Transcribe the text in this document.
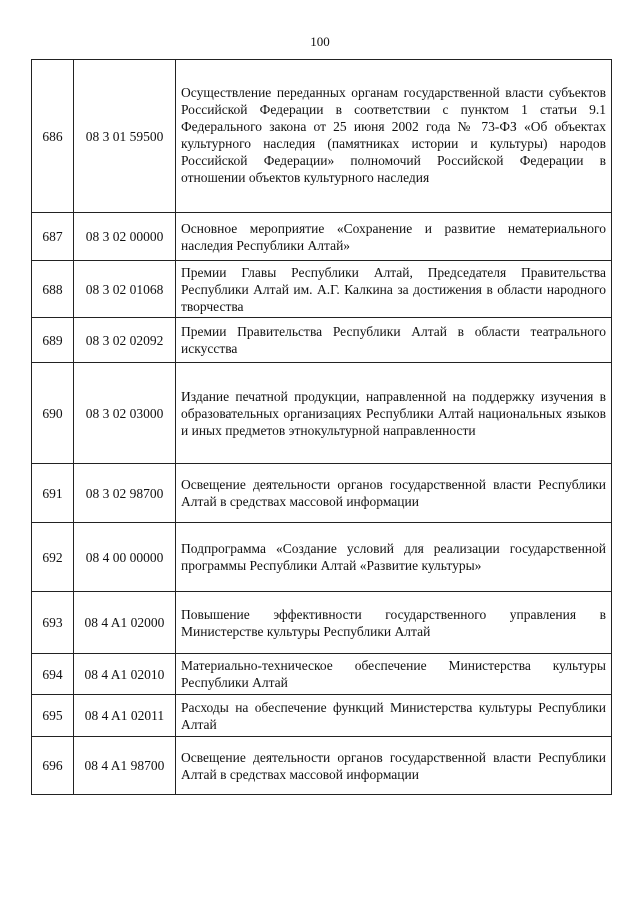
100
686	08 3 01 59500	Осуществление переданных органам государственной власти субъектов Российской Федерации в соответствии с пунктом 1 статьи 9.1 Федерального закона от 25 июня 2002 года № 73-ФЗ «Об объектах культурного наследия (памятниках истории и культуры) народов Российской Федерации» полномочий Российской Федерации в отношении объектов культурного наследия

687	08 3 02 00000	Основное мероприятие «Сохранение и развитие нематериального наследия Республики Алтай»

688	08 3 02 01068	Премии Главы Республики Алтай, Председателя Правительства Республики Алтай им. А.Г. Калкина за достижения в области народного творчества

689	08 3 02 02092	Премии Правительства Республики Алтай в области театрального искусства

690	08 3 02 03000	Издание печатной продукции, направленной на поддержку изучения в образовательных организациях Республики Алтай национальных языков и иных предметов этнокультурной направленности

691	08 3 02 98700	Освещение деятельности органов государственной власти Республики Алтай в средствах массовой информации

692	08 4 00 00000	Подпрограмма «Создание условий для реализации государственной программы Республики Алтай «Развитие культуры»

693	08 4 A1 02000	Повышение эффективности государственного управления в Министерстве культуры Республики Алтай

694	08 4 A1 02010	Материально-техническое обеспечение Министерства культуры Республики Алтай

695	08 4 A1 02011	Расходы на обеспечение функций Министерства культуры Республики Алтай

696	08 4 A1 98700	Освещение деятельности органов государственной власти Республики Алтай в средствах массовой информации
